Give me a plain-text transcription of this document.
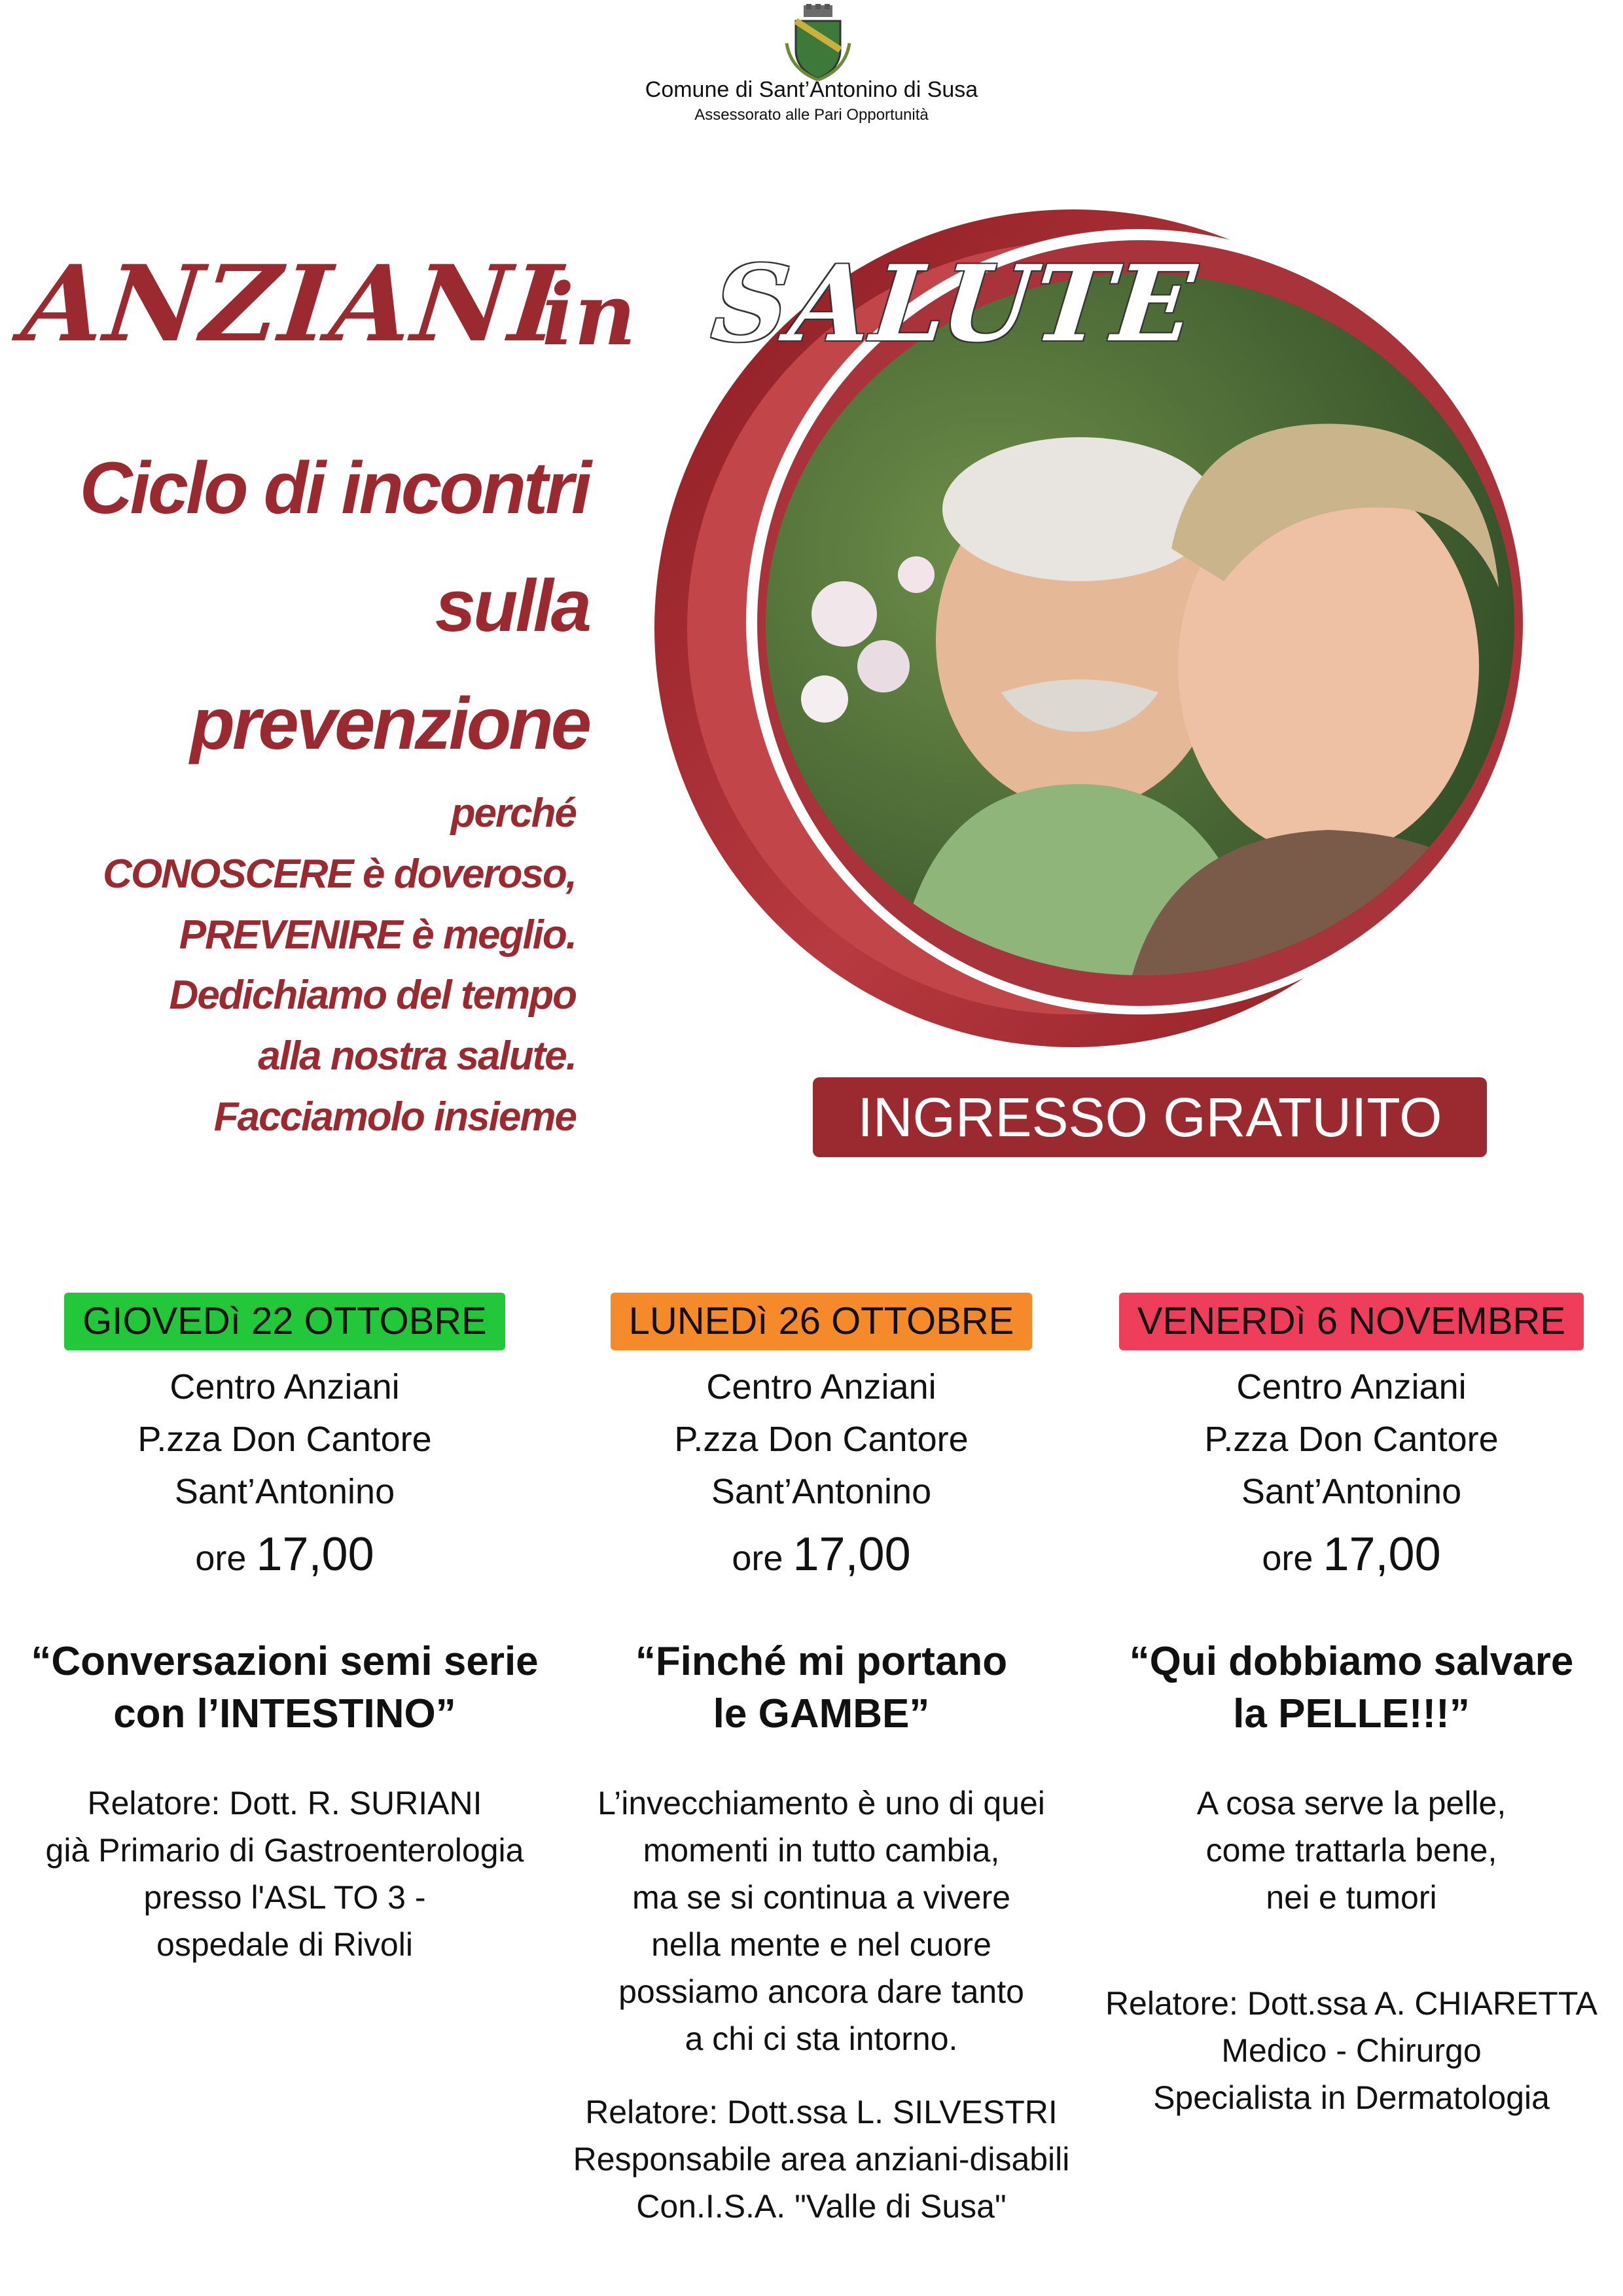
Comune di Sant’Antonino di Susa
Assessorato alle Pari Opportunità
ANZIANI
in SALUTE
Ciclo di incontri
sulla
prevenzione
perché
CONOSCERE è doveroso,
PREVENIRE è meglio.
Dedichiamo del tempo
alla nostra salute.
Facciamolo insieme	INGRESSO GRATUITO
GIOVEDì 22 OTTOBRE
Centro Anziani
P.zza Don Cantore
Sant’Antonino
ore 17,00
“Conversazioni semi serie
con l’INTESTINO”
Relatore: Dott. R. SURIANI
già Primario di Gastroenterologia
presso l'ASL TO 3 -
ospedale di Rivoli
LUNEDì 26 OTTOBRE
Centro Anziani
P.zza Don Cantore
Sant’Antonino
ore 17,00
“Finché mi portano
le GAMBE”
L’invecchiamento è uno di quei
momenti in tutto cambia,
ma se si continua a vivere
nella mente e nel cuore
possiamo ancora dare tanto
a chi ci sta intorno.
Relatore: Dott.ssa L. SILVESTRI
Responsabile area anziani-disabili
Con.I.S.A. "Valle di Susa"
VENERDì 6 NOVEMBRE
Centro Anziani
P.zza Don Cantore
Sant’Antonino
ore 17,00
“Qui dobbiamo salvare
la PELLE!!!”
A cosa serve la pelle,
come trattarla bene,
nei e tumori
Relatore: Dott.ssa A. CHIARETTA
Medico - Chirurgo
Specialista in Dermatologia
